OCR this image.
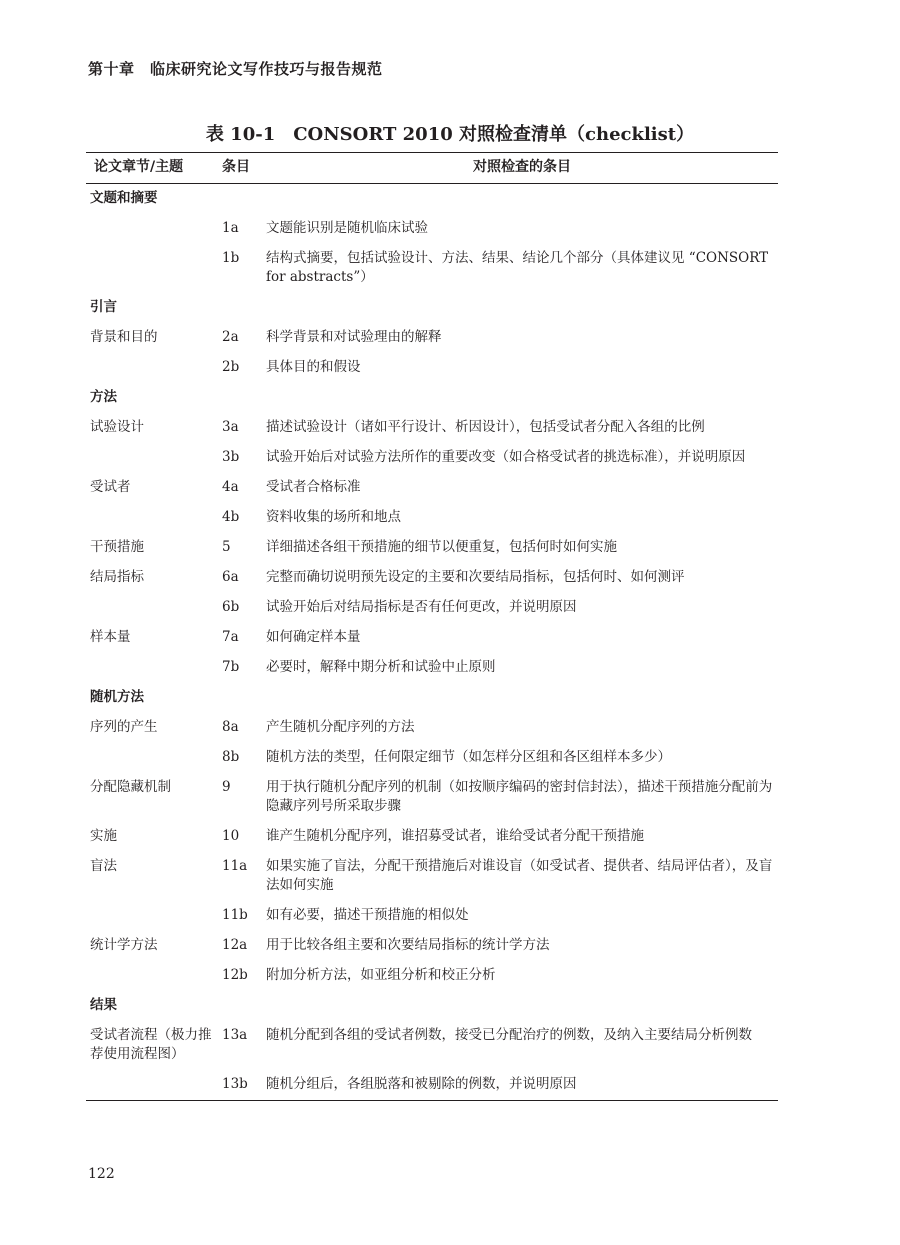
第十章　临床研究论文写作技巧与报告规范
表 10-1　CONSORT 2010 对照检查清单（checklist）
论文章节/主题	条目	对照检查的条目
文题和摘要		
	1a	文题能识别是随机临床试验
	1b	结构式摘要，包括试验设计、方法、结果、结论几个部分（具体建议见 “CONSORT for abstracts”）
引言		
背景和目的	2a	科学背景和对试验理由的解释
	2b	具体目的和假设
方法		
试验设计	3a	描述试验设计（诸如平行设计、析因设计），包括受试者分配入各组的比例
	3b	试验开始后对试验方法所作的重要改变（如合格受试者的挑选标准），并说明原因
受试者	4a	受试者合格标准
	4b	资料收集的场所和地点
干预措施	5	详细描述各组干预措施的细节以便重复，包括何时如何实施
结局指标	6a	完整而确切说明预先设定的主要和次要结局指标，包括何时、如何测评
	6b	试验开始后对结局指标是否有任何更改，并说明原因
样本量	7a	如何确定样本量
	7b	必要时，解释中期分析和试验中止原则
随机方法		
序列的产生	8a	产生随机分配序列的方法
	8b	随机方法的类型，任何限定细节（如怎样分区组和各区组样本多少）
分配隐藏机制	9	用于执行随机分配序列的机制（如按顺序编码的密封信封法），描述干预措施分配前为隐藏序列号所采取步骤
实施	10	谁产生随机分配序列，谁招募受试者，谁给受试者分配干预措施
盲法	11a	如果实施了盲法，分配干预措施后对谁设盲（如受试者、提供者、结局评估者），及盲法如何实施
	11b	如有必要，描述干预措施的相似处
统计学方法	12a	用于比较各组主要和次要结局指标的统计学方法
	12b	附加分析方法，如亚组分析和校正分析
结果		
受试者流程（极力推荐使用流程图）	13a	随机分配到各组的受试者例数，接受已分配治疗的例数，及纳入主要结局分析例数
	13b	随机分组后，各组脱落和被剔除的例数，并说明原因
122
